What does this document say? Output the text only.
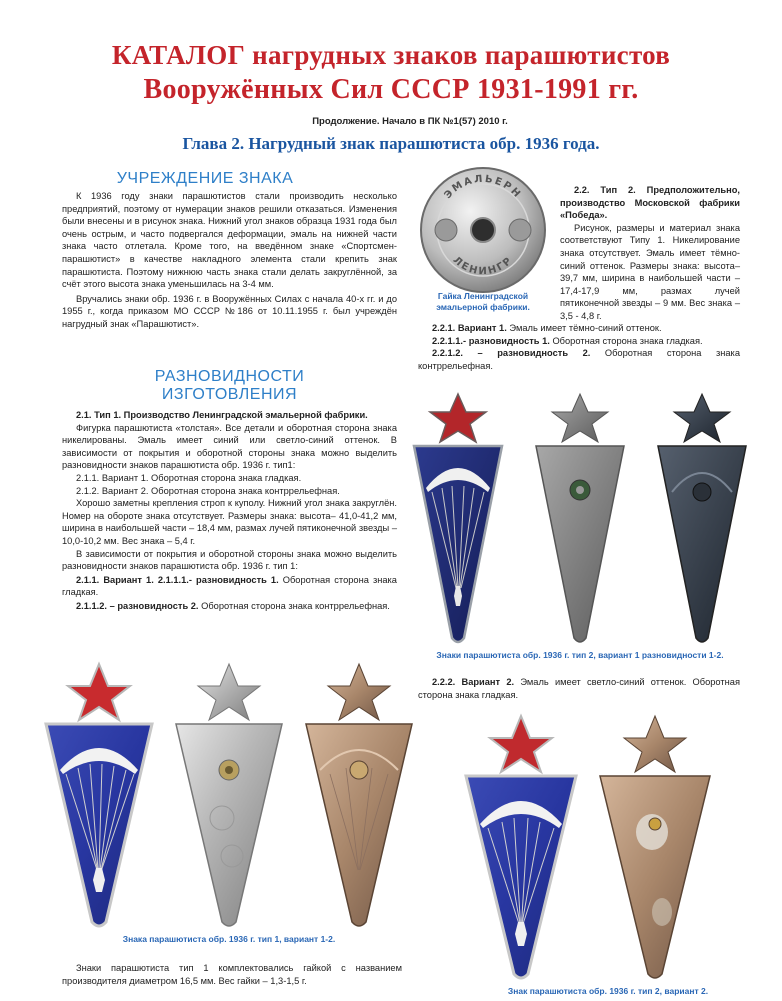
КАТАЛОГ нагрудных знаков парашютистов
Вооружённых Сил СССР 1931-1991 гг.
Продолжение. Начало в ПК №1(57) 2010 г.
Глава 2. Нагрудный знак парашютиста обр. 1936 года.
УЧРЕЖДЕНИЕ ЗНАКА

К 1936 году знаки парашютистов стали производить несколько предприятий, поэтому от нумерации знаков решили отказаться. Изменения были внесены и в рисунок знака. Нижний угол знаков образца 1931 года был очень острым, и часто подвергался деформации, эмаль на нижней части знака часто отлетала. Кроме того, на введённом знаке «Спортсмен-парашютист» в качестве накладного элемента стали крепить знак парашютиста. Поэтому нижнюю часть знака стали делать закруглённой, за счёт этого высота знака уменьшилась на 3-4 мм.

Вручались знаки обр. 1936 г. в Вооружённых Силах с начала 40-х гг. и до 1955 г., когда приказом МО СССР №186 от 10.11.1955 г. был учреждён нагрудный знак «Парашютист».

РАЗНОВИДНОСТИ
ИЗГОТОВЛЕНИЯ

2.1. Тип 1. Производство Ленинградской эмальерной фабрики.

Фигурка парашютиста «толстая». Все детали и оборотная сторона знака никелированы. Эмаль имеет синий или светло-синий оттенок. В зависимости от покрытия и оборотной стороны знака можно выделить разновидности знаков парашютиста обр. 1936 г. тип1:

2.1.1. Вариант 1. Оборотная сторона знака гладкая.

2.1.2. Вариант 2. Оборотная сторона знака контррельефная.

Хорошо заметны крепления строп к куполу. Нижний угол знака закруглён. Номер на обороте знака отсутствует. Размеры знака: высота– 41,0-41,2 мм, ширина в наибольшей части – 18,4 мм, размах лучей пятиконечной звезды – 10,0-10,2 мм. Вес знака – 5,4 г.

В зависимости от покрытия и оборотной стороны знака можно выделить разновидности знаков парашютиста обр. 1936 г. тип 1:

2.1.1. Вариант 1. 2.1.1.1.- разновидность 1. Оборотная сторона знака гладкая.

2.1.1.2. – разновидность 2. Оборотная сторона знака контррельефная.

ЭМАЛЬЕРН
ЛЕНИНГР
Гайка Ленинградской
эмальерной фабрики.

2.2. Тип 2. Предположительно, производство Московской фабрики «Победа».

Рисунок, размеры и материал знака соответствуют Типу 1. Никелирование знака отсутствует. Эмаль имеет тёмно-синий оттенок. Размеры знака: высота– 39,7 мм, ширина в наибольшей части – 17,4-17,9 мм, размах лучей пятиконечной звезды – 9 мм. Вес знака – 3,5 - 4,8 г.

2.2.1. Вариант 1. Эмаль имеет тёмно-синий оттенок.

2.2.1.1.- разновидность 1. Оборотная сторона знака гладкая.

2.2.1.2. – разновидность 2. Оборотная сторона знака контррельефная.

Знаки парашютиста обр. 1936 г. тип 2, вариант 1 разновидности 1-2.

2.2.2. Вариант 2. Эмаль имеет светло-синий оттенок. Оборотная сторона знака гладкая.

Знака парашютиста обр. 1936 г. тип 1, вариант 1-2.

Знаки парашютиста тип 1 комплектовались гайкой с названием производителя диаметром 16,5 мм. Вес гайки – 1,3-1,5 г.

Знак парашютиста обр. 1936 г. тип 2, вариант 2.
